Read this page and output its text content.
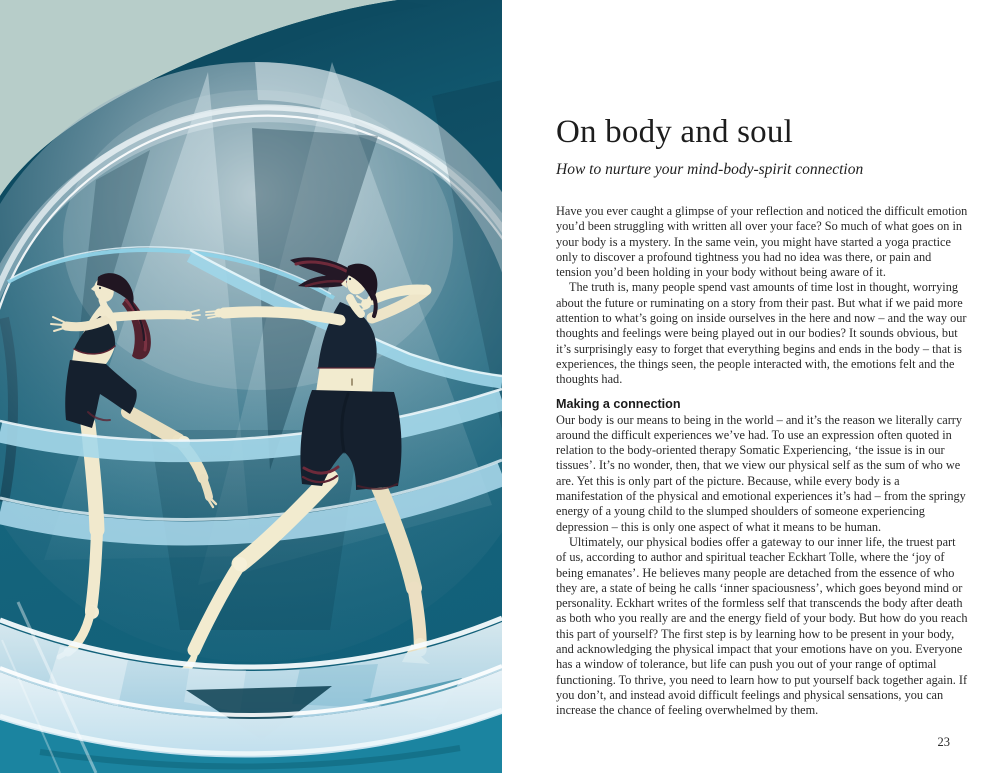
On body and soul
How to nurture your mind-body-spirit connection

Have you ever caught a glimpse of your reflection and noticed the difficult emotion you’d been struggling with written all over your face? So much of what goes on in your body is a mystery. In the same vein, you might have started a yoga practice only to discover a profound tightness you had no idea was there, or pain and tension you’d been holding in your body without being aware of it.

The truth is, many people spend vast amounts of time lost in thought, worrying about the future or ruminating on a story from their past. But what if we paid more attention to what’s going on inside ourselves in the here and now – and the way our thoughts and feelings were being played out in our bodies? It sounds obvious, but it’s surprisingly easy to forget that everything begins and ends in the body – that is experiences, the things seen, the people interacted with, the emotions felt and the thoughts had.

Making a connection

Our body is our means to being in the world – and it’s the reason we literally carry around the difficult experiences we’ve had. To use an expression often quoted in relation to the body-oriented therapy Somatic Experiencing, ‘the issue is in our tissues’. It’s no wonder, then, that we view our physical self as the sum of who we are. Yet this is only part of the picture. Because, while every body is a manifestation of the physical and emotional experiences it’s had – from the springy energy of a young child to the slumped shoulders of someone experiencing depression – this is only one aspect of what it means to be human.

Ultimately, our physical bodies offer a gateway to our inner life, the truest part of us, according to author and spiritual teacher Eckhart Tolle, where the ‘joy of being emanates’. He believes many people are detached from the essence of who they are, a state of being he calls ‘inner spaciousness’, which goes beyond mind or personality. Eckhart writes of the formless self that transcends the body after death as both who you really are and the energy field of your body. But how do you reach this part of yourself? The first step is by learning how to be present in your body, and acknowledging the physical impact that your emotions have on you. Everyone has a window of tolerance, but life can push you out of your range of optimal functioning. To thrive, you need to learn how to put yourself back together again. If you don’t, and instead avoid difficult feelings and physical sensations, you can increase the chance of feeling overwhelmed by them.

23
